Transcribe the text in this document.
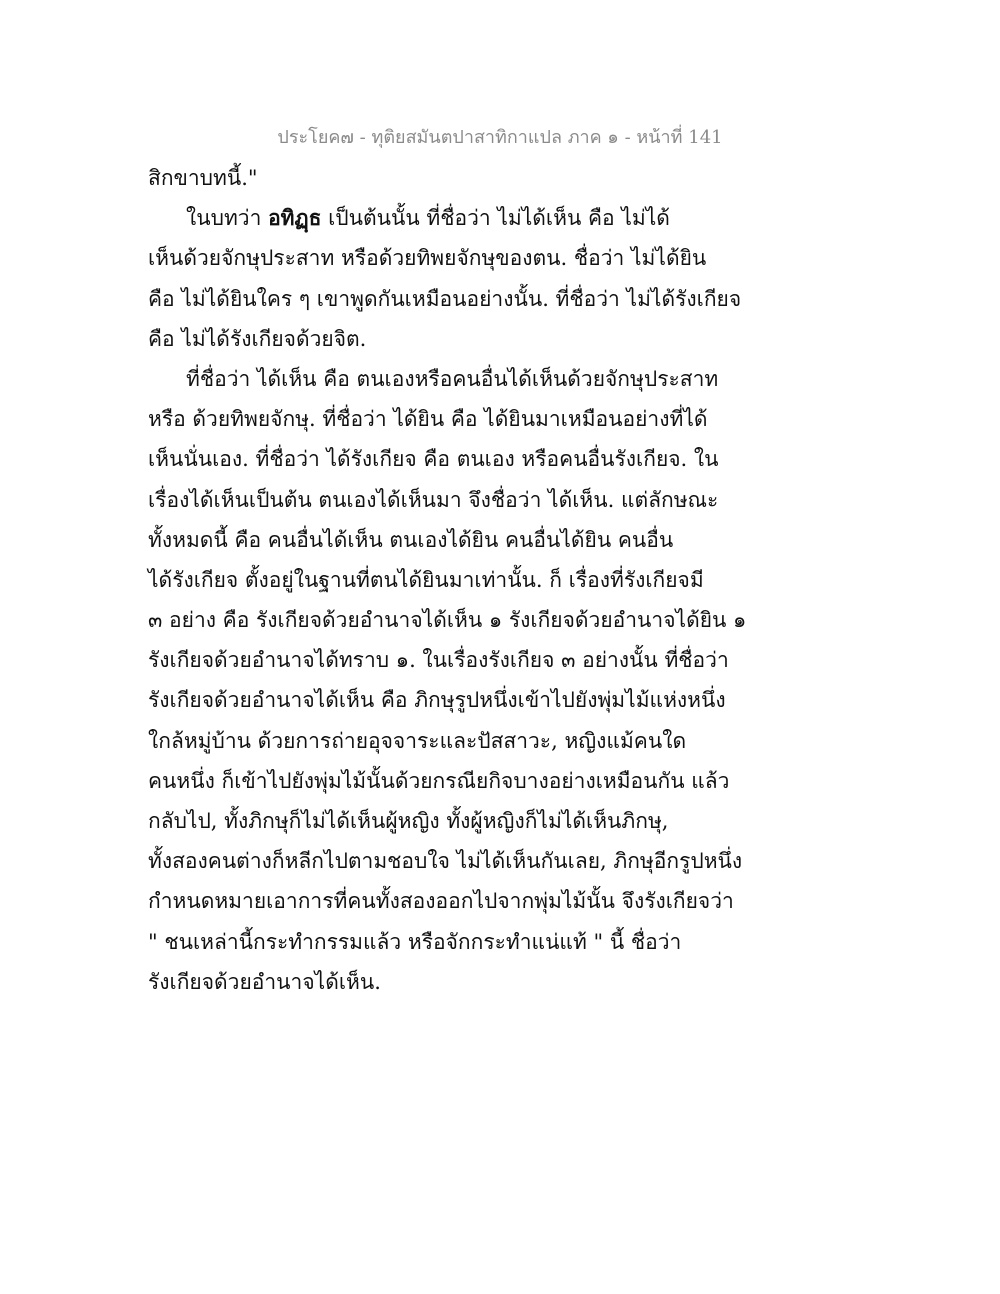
ประโยค๗ - ทุติยสมันตปาสาทิกาแปล ภาค ๑ - หน้าที่ 141
สิกขาบทนี้."
ในบทว่า อทิฏฺธ เป็นต้นนั้น ที่ชื่อว่า ไม่ได้เห็น คือ ไม่ได้
เห็นด้วยจักษุประสาท หรือด้วยทิพยจักษุของตน. ชื่อว่า ไม่ได้ยิน
คือ ไม่ได้ยินใคร ๆ เขาพูดกันเหมือนอย่างนั้น. ที่ชื่อว่า ไม่ได้รังเกียจ
คือ ไม่ได้รังเกียจด้วยจิต.
ที่ชื่อว่า ได้เห็น คือ ตนเองหรือคนอื่นได้เห็นด้วยจักษุประสาท
หรือ ด้วยทิพยจักษุ. ที่ชื่อว่า ได้ยิน คือ ได้ยินมาเหมือนอย่างที่ได้
เห็นนั่นเอง. ที่ชื่อว่า ได้รังเกียจ คือ ตนเอง หรือคนอื่นรังเกียจ. ใน
เรื่องได้เห็นเป็นต้น ตนเองได้เห็นมา จึงชื่อว่า ได้เห็น. แต่ลักษณะ
ทั้งหมดนี้ คือ คนอื่นได้เห็น ตนเองได้ยิน คนอื่นได้ยิน คนอื่น
ได้รังเกียจ ตั้งอยู่ในฐานที่ตนได้ยินมาเท่านั้น. ก็ เรื่องที่รังเกียจมี
๓ อย่าง คือ รังเกียจด้วยอำนาจได้เห็น ๑ รังเกียจด้วยอำนาจได้ยิน ๑
รังเกียจด้วยอำนาจได้ทราบ ๑. ในเรื่องรังเกียจ ๓ อย่างนั้น ที่ชื่อว่า
รังเกียจด้วยอำนาจได้เห็น คือ ภิกษุรูปหนึ่งเข้าไปยังพุ่มไม้แห่งหนึ่ง
ใกล้หมู่บ้าน ด้วยการถ่ายอุจจาระและปัสสาวะ, หญิงแม้คนใด
คนหนึ่ง ก็เข้าไปยังพุ่มไม้นั้นด้วยกรณียกิจบางอย่างเหมือนกัน แล้ว
กลับไป, ทั้งภิกษุก็ไม่ได้เห็นผู้หญิง ทั้งผู้หญิงก็ไม่ได้เห็นภิกษุ,
ทั้งสองคนต่างก็หลีกไปตามชอบใจ ไม่ได้เห็นกันเลย, ภิกษุอีกรูปหนึ่ง
กำหนดหมายเอาการที่คนทั้งสองออกไปจากพุ่มไม้นั้น จึงรังเกียจว่า
" ชนเหล่านี้กระทำกรรมแล้ว หรือจักกระทำแน่แท้ " นี้ ชื่อว่า
รังเกียจด้วยอำนาจได้เห็น.
